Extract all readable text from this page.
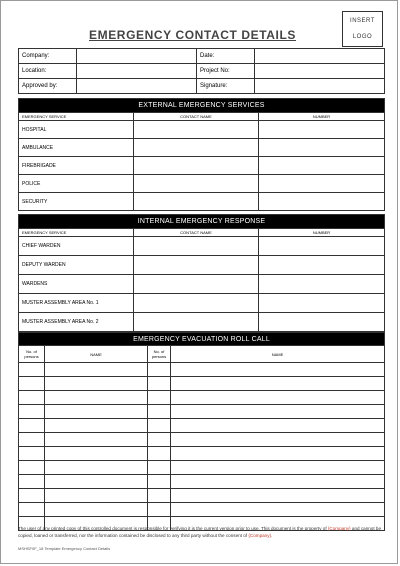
EMERGENCY CONTACT DETAILS
INSERT
LOGO
Company:		Date:	
Location:		Project No:	
Approved by:		Signature:	
EXTERNAL EMERGENCY SERVICES		
EMERGENCY SERVICE	CONTACT NAME	NUMBER
HOSPITAL		
AMBULANCE		
FIREBRIGADE		
POLICE		
SECURITY		
INTERNAL EMERGENCY RESPONSE		
EMERGENCY SERVICE	CONTACT NAME	NUMBER
CHIEF WARDEN		
DEPUTY WARDEN		
WARDENS		
MUSTER ASSEMBLY AREA No. 1		
MUSTER ASSEMBLY AREA No. 2		
EMERGENCY EVACUATION ROLL CALL			
No. of persons	NAME	No. of persons	NAME

The user of any printed copy of this controlled document is responsible for verifying it is the current version prior to use. This document is the property of {Company} and cannot be copied, loaned or transferred, nor the information contained be disclosed to any third party without the consent of {Company}.
MSHSF0F_18 Template Emergency Contact Details
